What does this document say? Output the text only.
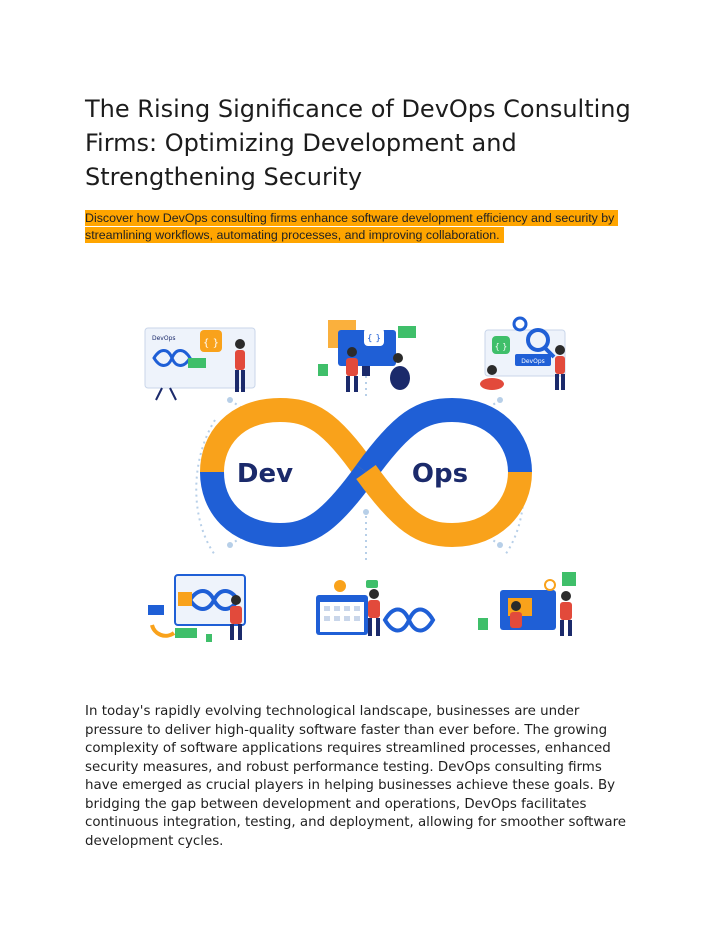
The Rising Significance of DevOps Consulting Firms: Optimizing Development and Strengthening Security
Discover how DevOps consulting firms enhance software development efficiency and security by streamlining workflows, automating processes, and improving collaboration.
Dev	Ops
DevOps	{ }	{ }
{ }
DevOps

In today's rapidly evolving technological landscape, businesses are under pressure to deliver high-quality software faster than ever before. The growing complexity of software applications requires streamlined processes, enhanced security measures, and robust performance testing. DevOps consulting firms have emerged as crucial players in helping businesses achieve these goals. By bridging the gap between development and operations, DevOps facilitates continuous integration, testing, and deployment, allowing for smoother software development cycles.
